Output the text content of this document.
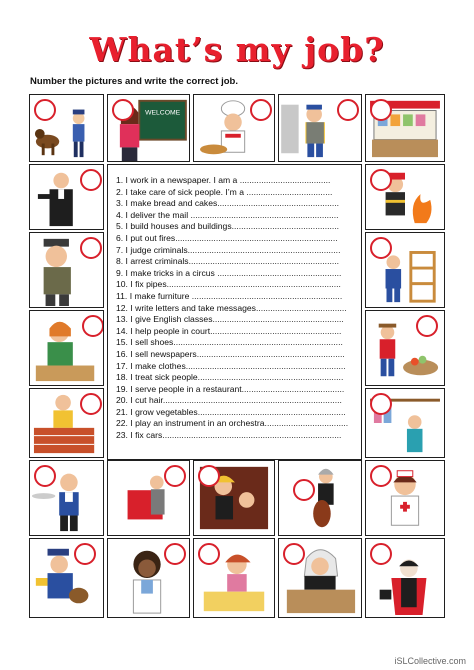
What’s my job?
Number the pictures and write the correct job.
WELCOME
1. I work in a newspaper. I am a ......................................
2. I take care of sick people. I’m a ....................................
3. I make bread and cakes...................................................
4. I deliver the mail ..............................................................
5. I build houses and buildings.............................................
6. I put out fires....................................................................
7. I judge criminals................................................................
8. I arrest criminals...............................................................
9. I make tricks in a circus ....................................................
10. I fix pipes.........................................................................
11. I make furniture ...............................................................
12. I write letters and take messages......................................
13. I give English classes.......................................................
14. I help people in court.......................................................
15. I sell shoes.......................................................................
16. I sell newspapers..............................................................
17. I make clothes...................................................................
18. I treat sick people.............................................................
19. I serve people in a restaurant...........................................
20. I cut hair...........................................................................
21. I grow vegetables..............................................................
22. I play an instrument in an orchestra...................................
23. I fix cars...........................................................................
iSLCollective.com
